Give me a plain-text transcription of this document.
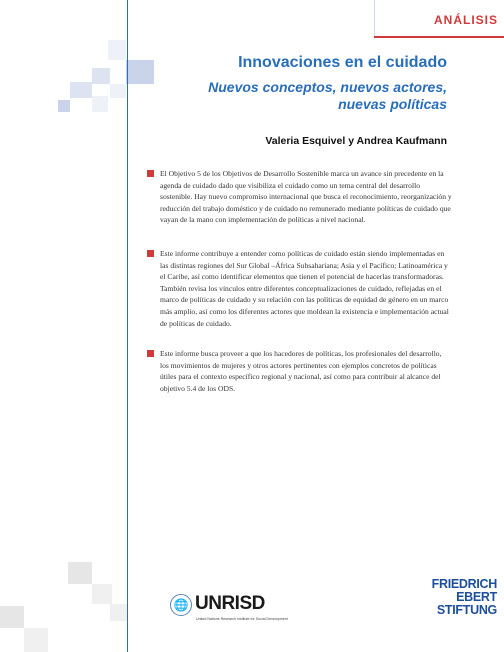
ANÁLISIS
Innovaciones en el cuidado
Nuevos conceptos, nuevos actores, nuevas políticas
Valeria Esquivel y Andrea Kaufmann
El Objetivo 5 de los Objetivos de Desarrollo Sostenible marca un avance sin precedente en la agenda de cuidado dado que visibiliza el cuidado como un tema central del desarrollo sostenible. Hay nuevo compromiso internacional que busca el reconocimiento, reorganización y reducción del trabajo doméstico y de cuidado no remunerado mediante políticas de cuidado que vayan de la mano con implementación de políticas a nivel nacional.
Este informe contribuye a entender como políticas de cuidado están siendo implementadas en las distintas regiones del Sur Global –África Subsahariana; Asia y el Pacífico; Latinoamérica y el Caribe, así como identificar elementos que tienen el potencial de hacerlas transformadoras. También revisa los vínculos entre diferentes conceptualizaciones de cuidado, reflejadas en el marco de políticas de cuidado y su relación con las políticas de equidad de género en un marco más amplio, así como los diferentes actores que moldean la existencia e implementación actual de políticas de cuidado.
Este informe busca proveer a que los hacedores de políticas, los profesionales del desarrollo, los movimientos de mujeres y otros actores pertinentes con ejemplos concretos de políticas útiles para el contexto específico regional y nacional, así como para contribuir al alcance del objetivo 5.4 de los ODS.
🌐 UNRISD
United Nations Research Institute for Social Development
FRIEDRICH
EBERT
STIFTUNG
